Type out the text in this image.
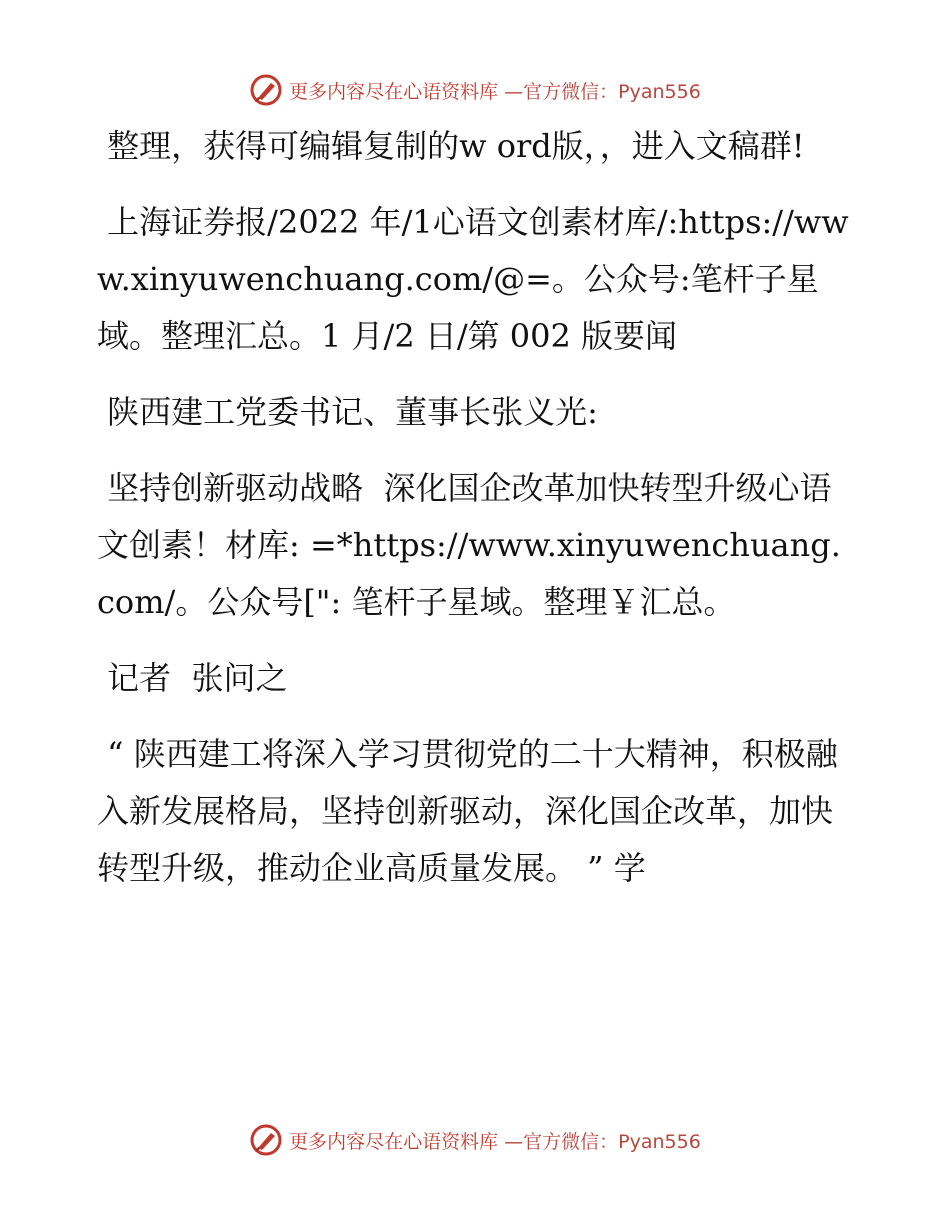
更多内容尽在心语资料库 —官方微信：Pyan556

整理，获得可编辑复制的w ord版，，进入文稿群!

上海证券报/2022 年/1心语文创素材库/:https://www.xinyuwenchuang.com/@=。公众号:笔杆子星域。整理汇总。1 月/2 日/第 002 版要闻

陕西建工党委书记、董事长张义光:

坚持创新驱动战略  深化国企改革加快转型升级心语文创素！材库: =*https://www.xinyuwenchuang.com/。公众号[": 笔杆子星域。整理￥汇总。

记者  张问之

“ 陕西建工将深入学习贯彻党的二十大精神，积极融入新发展格局，坚持创新驱动，深化国企改革，加快转型升级，推动企业高质量发展。 ” 学

更多内容尽在心语资料库 —官方微信：Pyan556
